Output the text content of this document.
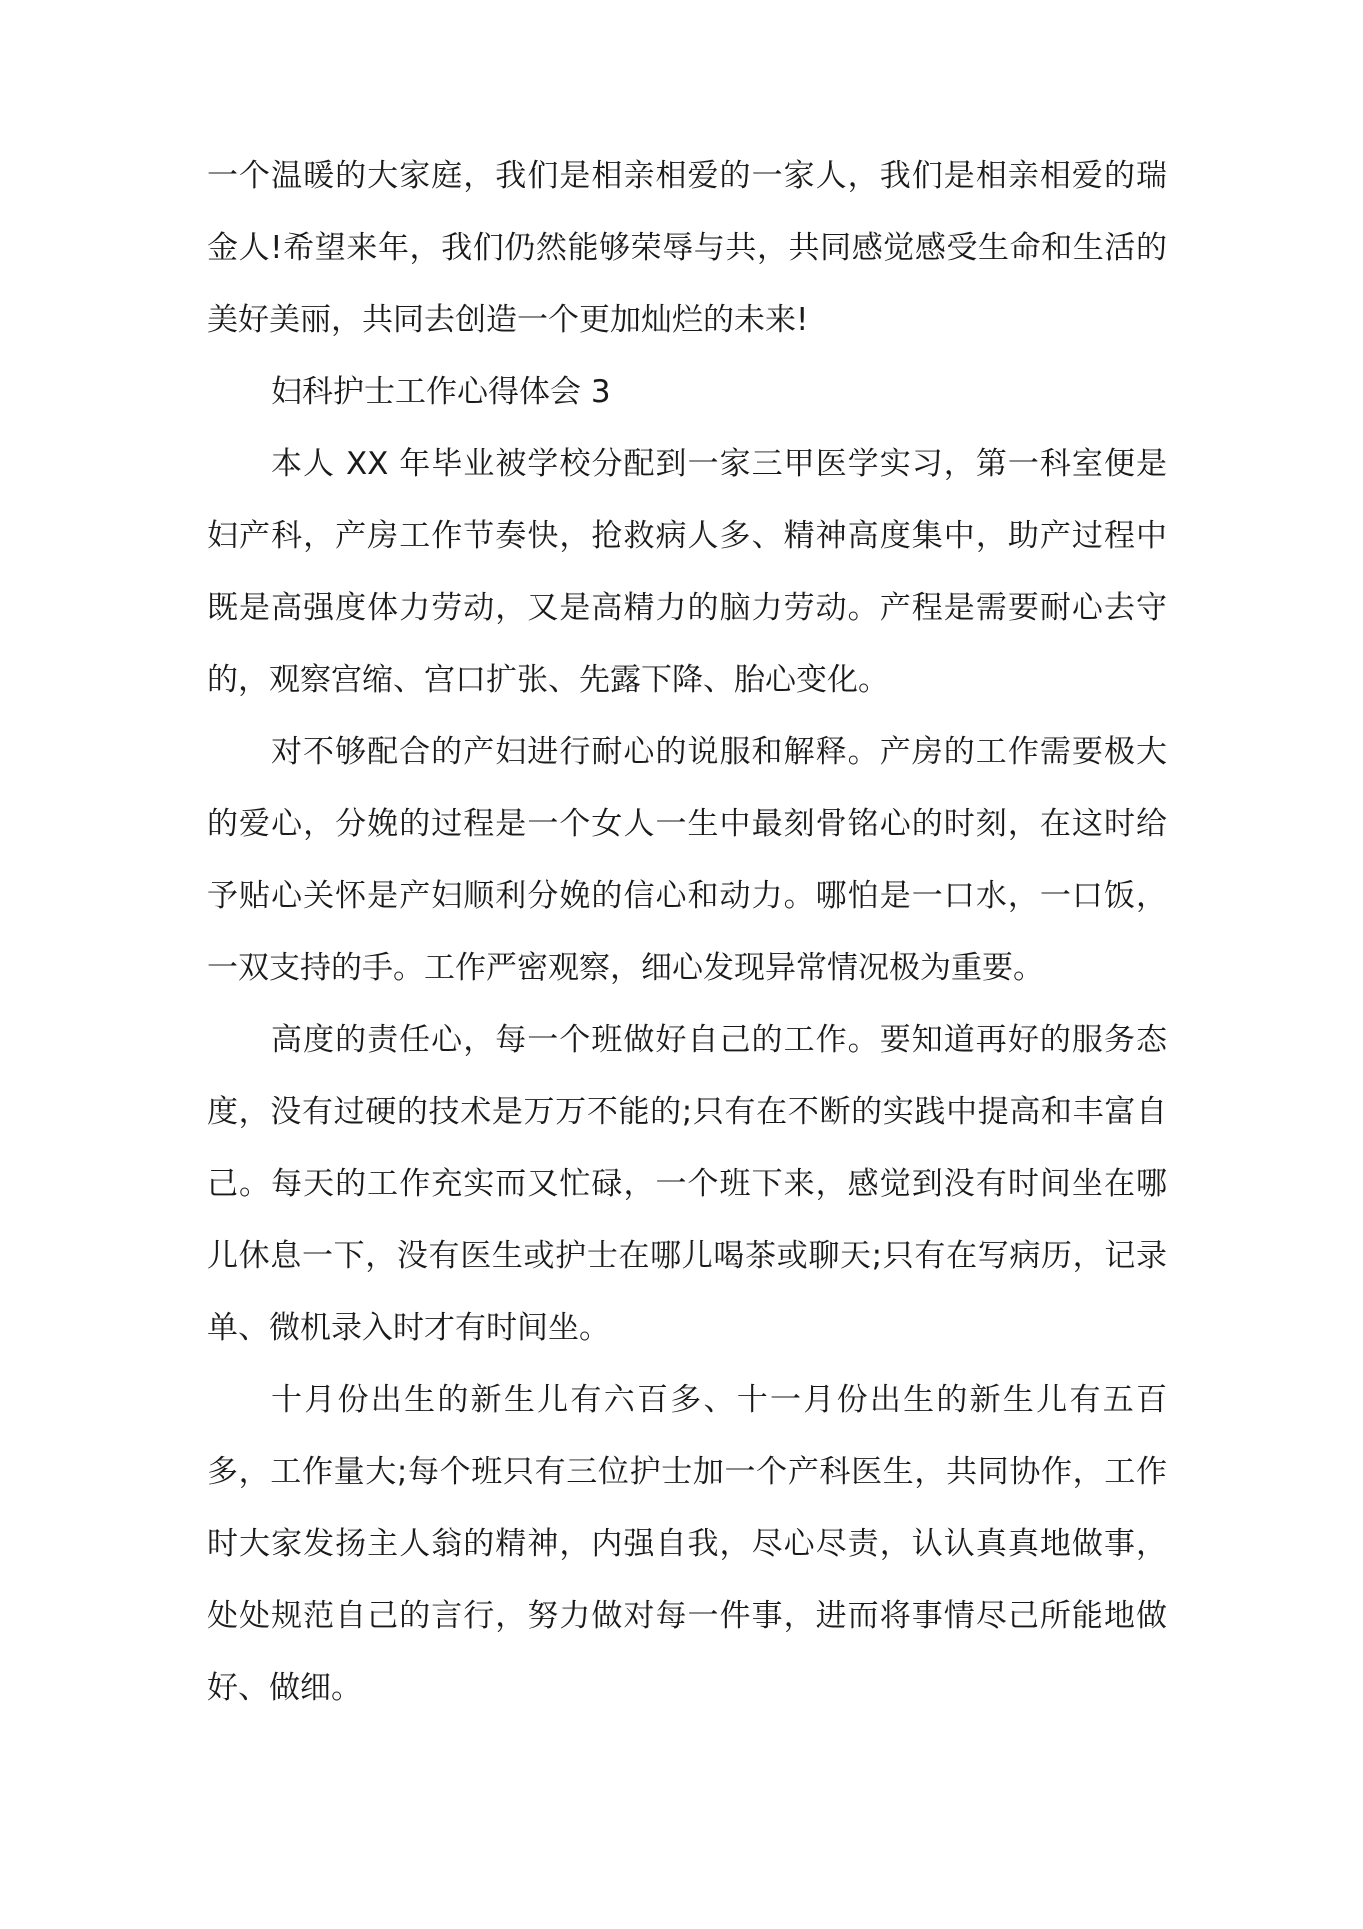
一个温暖的大家庭，我们是相亲相爱的一家人，我们是相亲相爱的瑞金人!希望来年，我们仍然能够荣辱与共，共同感觉感受生命和生活的美好美丽，共同去创造一个更加灿烂的未来!

妇科护士工作心得体会 3

本人 XX 年毕业被学校分配到一家三甲医学实习，第一科室便是妇产科，产房工作节奏快，抢救病人多、精神高度集中，助产过程中既是高强度体力劳动，又是高精力的脑力劳动。产程是需要耐心去守的，观察宫缩、宫口扩张、先露下降、胎心变化。

对不够配合的产妇进行耐心的说服和解释。产房的工作需要极大的爱心，分娩的过程是一个女人一生中最刻骨铭心的时刻，在这时给予贴心关怀是产妇顺利分娩的信心和动力。哪怕是一口水，一口饭，一双支持的手。工作严密观察，细心发现异常情况极为重要。

高度的责任心，每一个班做好自己的工作。要知道再好的服务态度，没有过硬的技术是万万不能的;只有在不断的实践中提高和丰富自己。每天的工作充实而又忙碌，一个班下来，感觉到没有时间坐在哪儿休息一下，没有医生或护士在哪儿喝茶或聊天;只有在写病历，记录单、微机录入时才有时间坐。

十月份出生的新生儿有六百多、十一月份出生的新生儿有五百多，工作量大;每个班只有三位护士加一个产科医生，共同协作，工作时大家发扬主人翁的精神，内强自我，尽心尽责，认认真真地做事，处处规范自己的言行，努力做对每一件事，进而将事情尽己所能地做好、做细。
